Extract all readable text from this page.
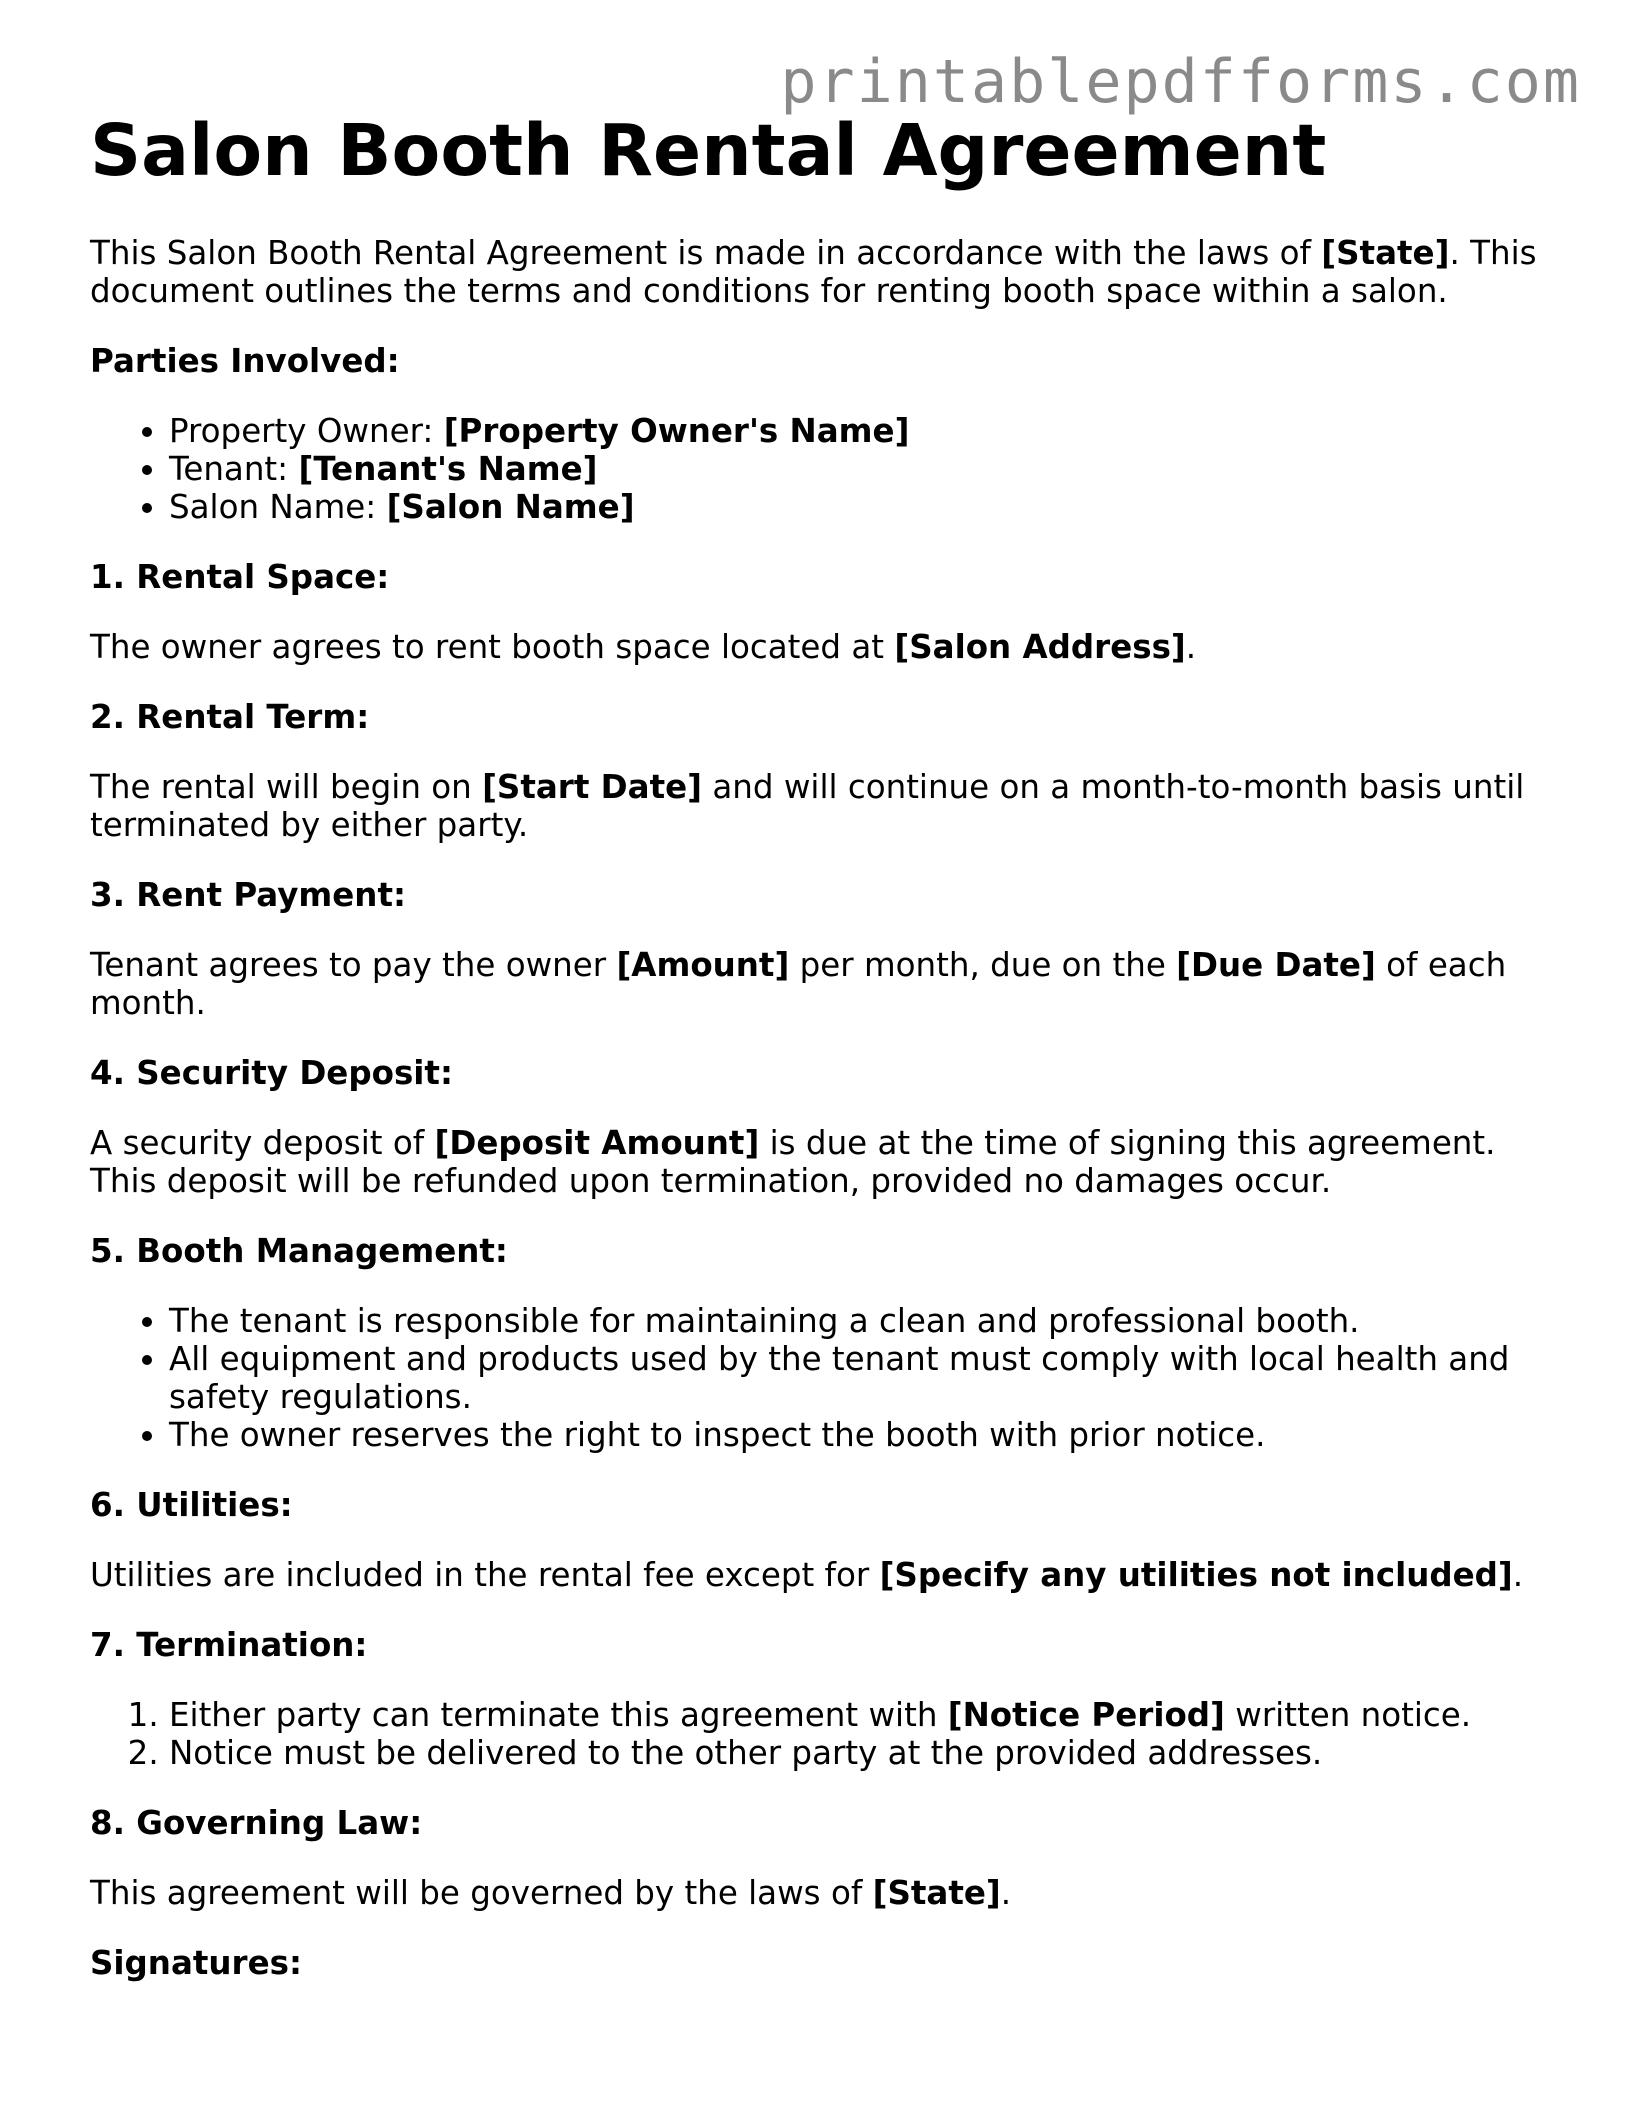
printablepdfforms.com
Salon Booth Rental Agreement

This Salon Booth Rental Agreement is made in accordance with the laws of [State]. This document outlines the terms and conditions for renting booth space within a salon.

Parties Involved:
• Property Owner: [Property Owner's Name]
• Tenant: [Tenant's Name]
• Salon Name: [Salon Name]
1. Rental Space:

The owner agrees to rent booth space located at [Salon Address].

2. Rental Term:

The rental will begin on [Start Date] and will continue on a month-to-month basis until terminated by either party.

3. Rent Payment:

Tenant agrees to pay the owner [Amount] per month, due on the [Due Date] of each month.

4. Security Deposit:

A security deposit of [Deposit Amount] is due at the time of signing this agreement. This deposit will be refunded upon termination, provided no damages occur.

5. Booth Management:
• The tenant is responsible for maintaining a clean and professional booth.
• All equipment and products used by the tenant must comply with local health and safety regulations.
• The owner reserves the right to inspect the booth with prior notice.
6. Utilities:

Utilities are included in the rental fee except for [Specify any utilities not included].

7. Termination:
1. Either party can terminate this agreement with [Notice Period] written notice.
2. Notice must be delivered to the other party at the provided addresses.
8. Governing Law:

This agreement will be governed by the laws of [State].

Signatures:
